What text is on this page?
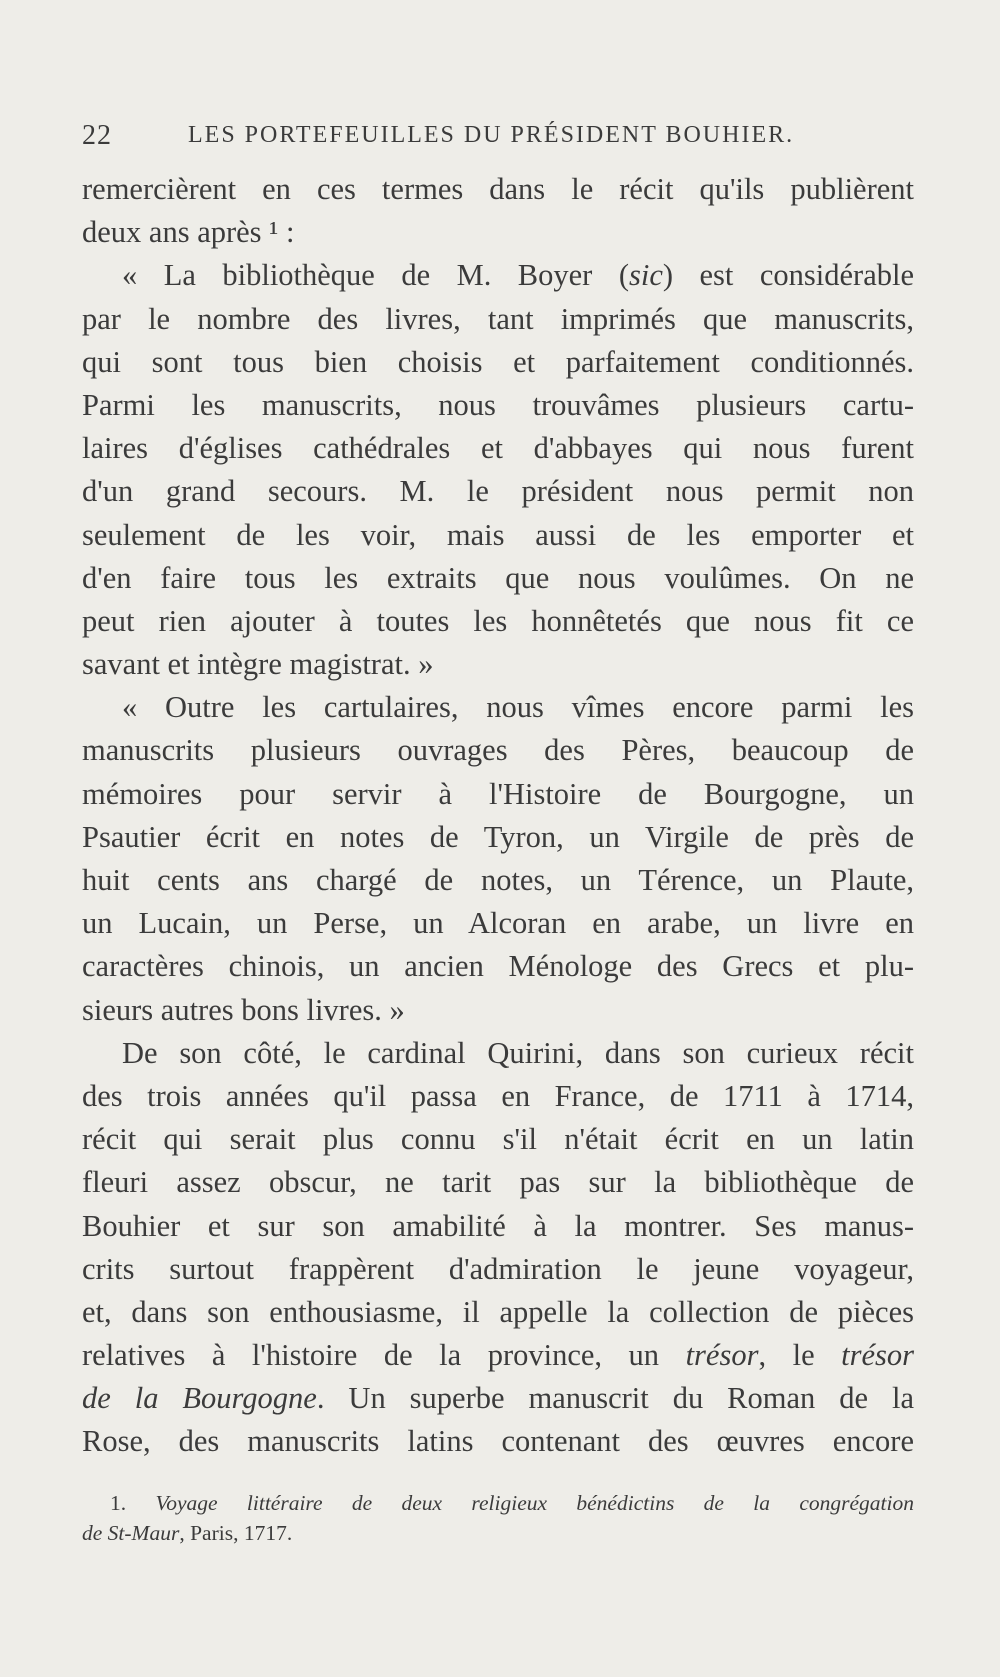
22	LES PORTEFEUILLES DU PRÉSIDENT BOUHIER.
remercièrent en ces termes dans le récit qu'ils publièrent
deux ans après ¹ :
« La bibliothèque de M. Boyer (sic) est considérable
par le nombre des livres, tant imprimés que manuscrits,
qui sont tous bien choisis et parfaitement conditionnés.
Parmi les manuscrits, nous trouvâmes plusieurs cartu-
laires d'églises cathédrales et d'abbayes qui nous furent
d'un grand secours. M. le président nous permit non
seulement de les voir, mais aussi de les emporter et
d'en faire tous les extraits que nous voulûmes. On ne
peut rien ajouter à toutes les honnêtetés que nous fit ce
savant et intègre magistrat. »
« Outre les cartulaires, nous vîmes encore parmi les
manuscrits plusieurs ouvrages des Pères, beaucoup de
mémoires pour servir à l'Histoire de Bourgogne, un
Psautier écrit en notes de Tyron, un Virgile de près de
huit cents ans chargé de notes, un Térence, un Plaute,
un Lucain, un Perse, un Alcoran en arabe, un livre en
caractères chinois, un ancien Ménologe des Grecs et plu-
sieurs autres bons livres. »
De son côté, le cardinal Quirini, dans son curieux récit
des trois années qu'il passa en France, de 1711 à 1714,
récit qui serait plus connu s'il n'était écrit en un latin
fleuri assez obscur, ne tarit pas sur la bibliothèque de
Bouhier et sur son amabilité à la montrer. Ses manus-
crits surtout frappèrent d'admiration le jeune voyageur,
et, dans son enthousiasme, il appelle la collection de pièces
relatives à l'histoire de la province, un trésor, le trésor
de la Bourgogne. Un superbe manuscrit du Roman de la
Rose, des manuscrits latins contenant des œuvres encore
1. Voyage littéraire de deux religieux bénédictins de la congrégation
de St-Maur, Paris, 1717.
